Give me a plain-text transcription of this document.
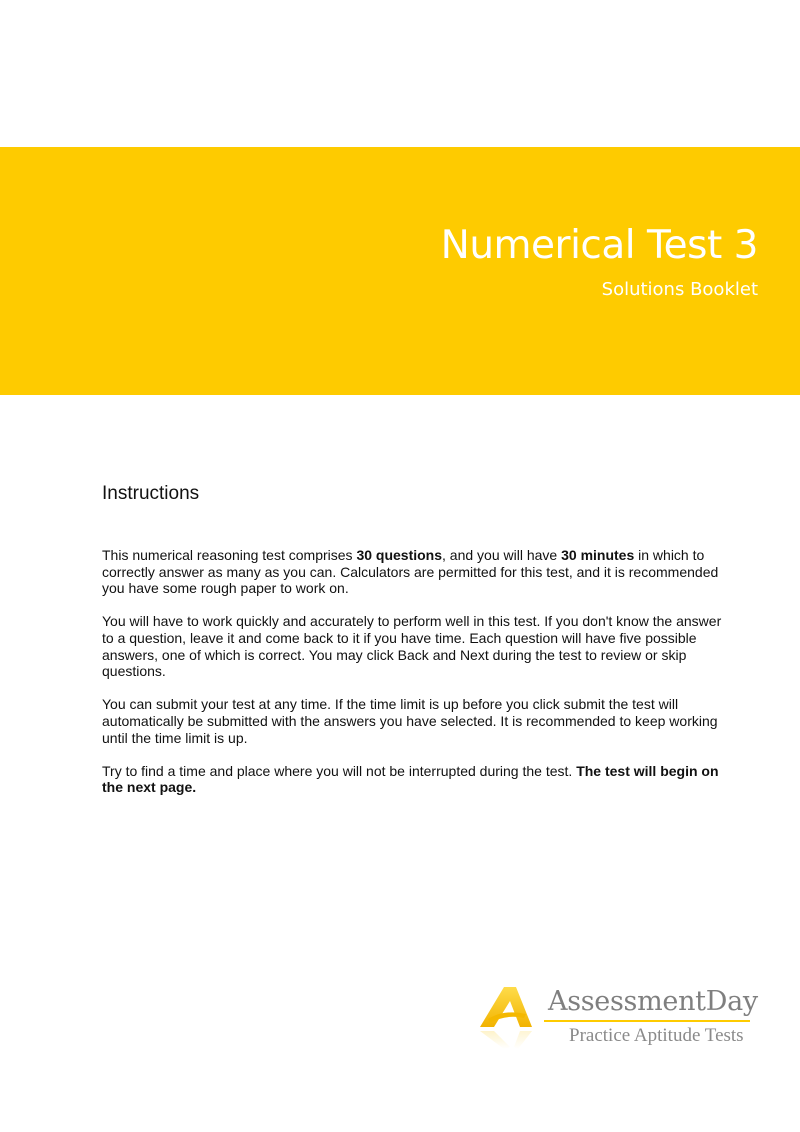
Numerical Test 3
Solutions Booklet
Instructions

This numerical reasoning test comprises 30 questions, and you will have 30 minutes in which to correctly answer as many as you can. Calculators are permitted for this test, and it is recommended you have some rough paper to work on.

You will have to work quickly and accurately to perform well in this test. If you don't know the answer to a question, leave it and come back to it if you have time. Each question will have five possible answers, one of which is correct. You may click Back and Next during the test to review or skip questions.

You can submit your test at any time. If the time limit is up before you click submit the test will automatically be submitted with the answers you have selected. It is recommended to keep working until the time limit is up.

Try to find a time and place where you will not be interrupted during the test. The test will begin on the next page.

AssessmentDay
Practice Aptitude Tests
